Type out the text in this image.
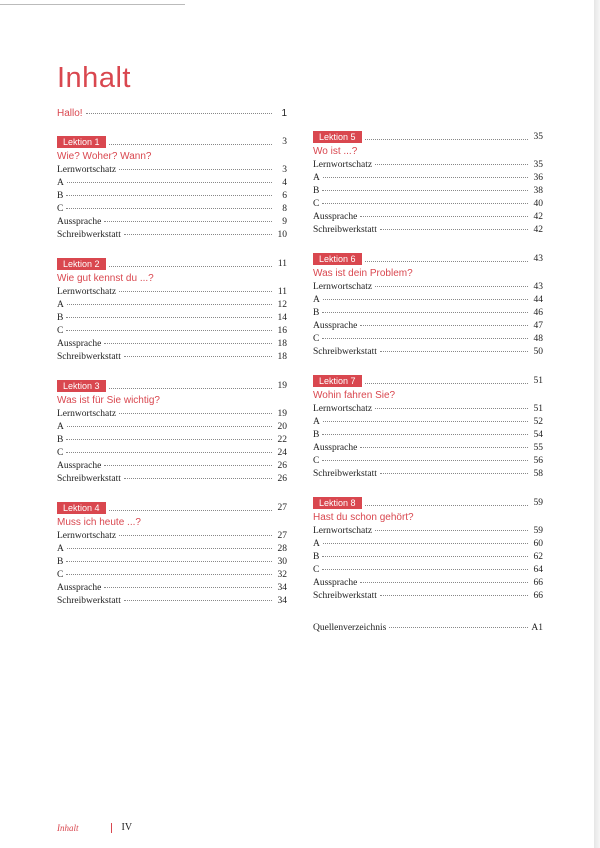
Inhalt
Hallo!	1
Lektion 1	3
Wie? Woher? Wann?
Lernwortschatz	3
A	4
B	6
C	8
Aussprache	9
Schreibwerkstatt	10
Lektion 2	11
Wie gut kennst du ...?
Lernwortschatz	11
A	12
B	14
C	16
Aussprache	18
Schreibwerkstatt	18
Lektion 3	19
Was ist für Sie wichtig?
Lernwortschatz	19
A	20
B	22
C	24
Aussprache	26
Schreibwerkstatt	26
Lektion 4	27
Muss ich heute ...?
Lernwortschatz	27
A	28
B	30
C	32
Aussprache	34
Schreibwerkstatt	34
Lektion 5	35
Wo ist ...?
Lernwortschatz	35
A	36
B	38
C	40
Aussprache	42
Schreibwerkstatt	42
Lektion 6	43
Was ist dein Problem?
Lernwortschatz	43
A	44
B	46
Aussprache	47
C	48
Schreibwerkstatt	50
Lektion 7	51
Wohin fahren Sie?
Lernwortschatz	51
A	52
B	54
Aussprache	55
C	56
Schreibwerkstatt	58
Lektion 8	59
Hast du schon gehört?
Lernwortschatz	59
A	60
B	62
C	64
Aussprache	66
Schreibwerkstatt	66
Quellenverzeichnis	A1
Inhalt	IV
